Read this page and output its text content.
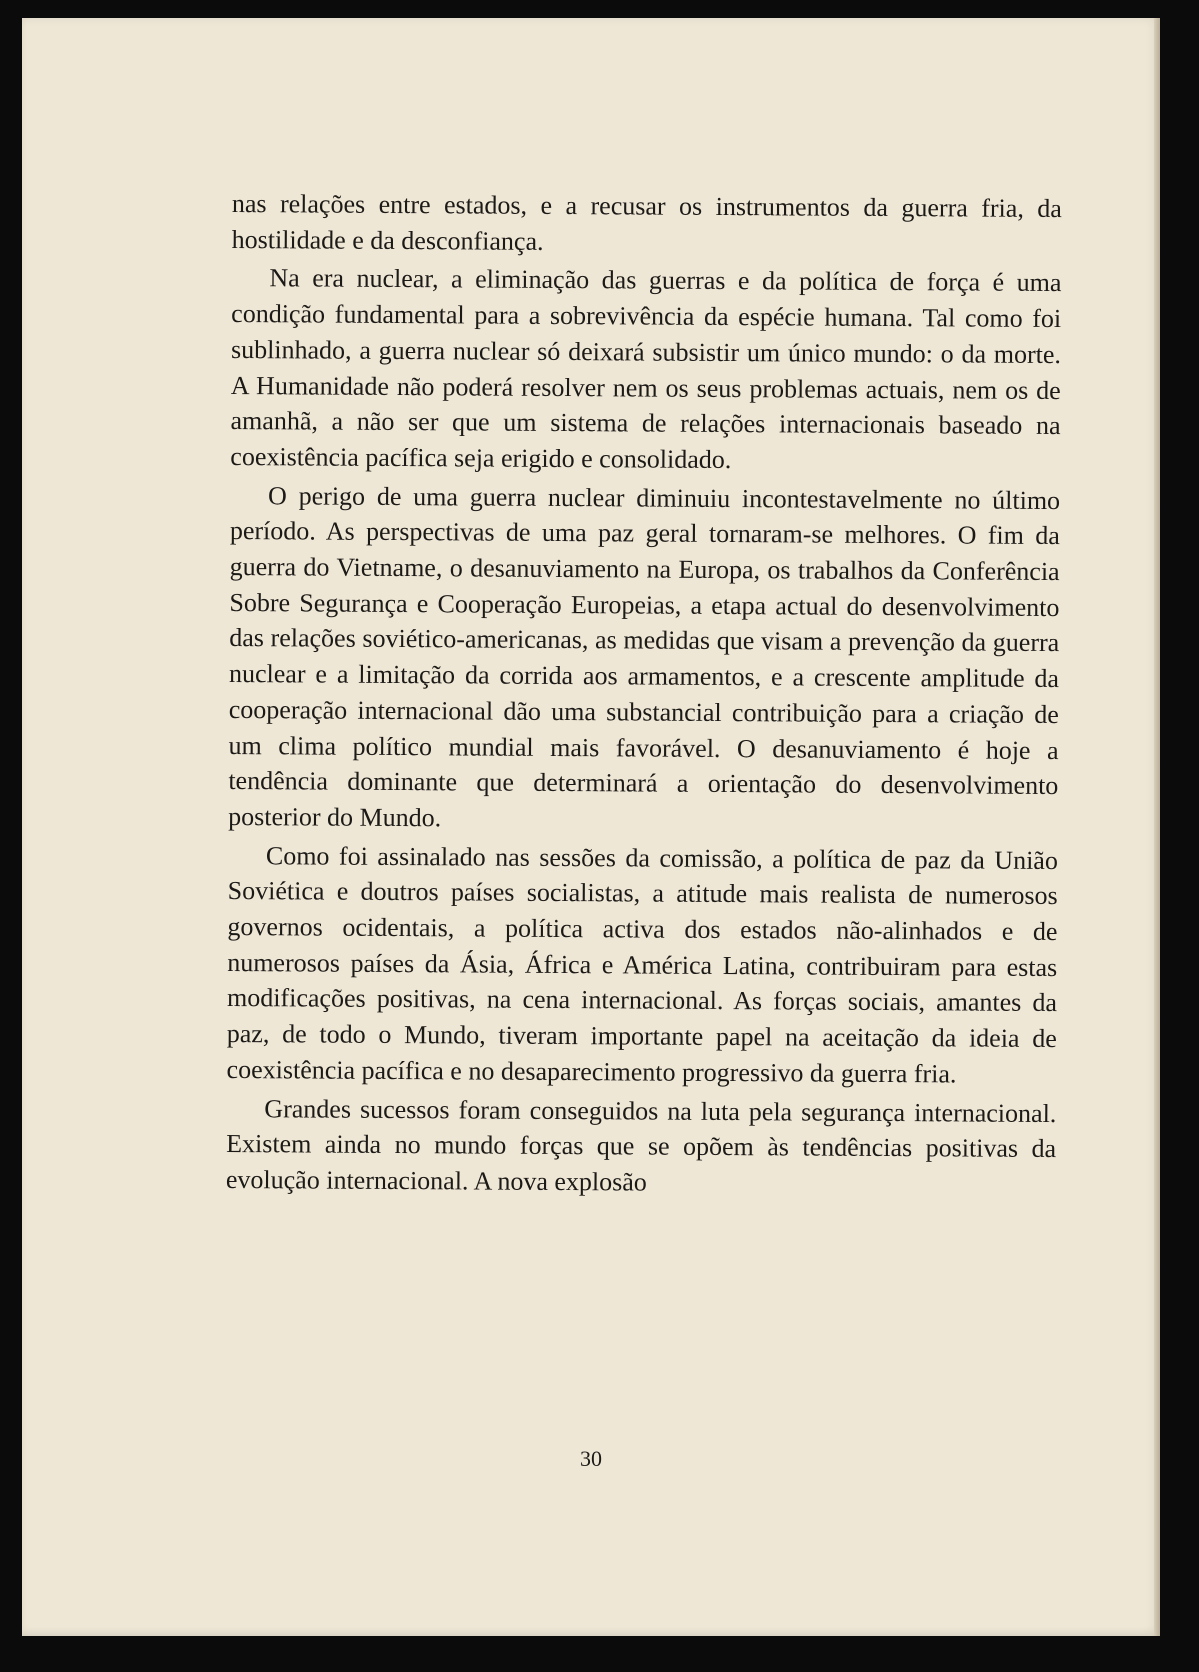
nas relações entre estados, e a recusar os instrumentos da guerra fria, da hostilidade e da desconfiança.

Na era nuclear, a eliminação das guerras e da política de força é uma condição fundamental para a sobrevivência da espécie humana. Tal como foi sublinhado, a guerra nuclear só deixará subsistir um único mundo: o da morte. A Humanidade não poderá resolver nem os seus problemas actuais, nem os de amanhã, a não ser que um sistema de relações internacionais baseado na coexistência pacífica seja erigido e consolidado.

O perigo de uma guerra nuclear diminuiu incontestavelmente no último período. As perspectivas de uma paz geral tornaram-se melhores. O fim da guerra do Vietname, o desanuviamento na Europa, os trabalhos da Conferência Sobre Segurança e Cooperação Europeias, a etapa actual do desenvolvimento das relações soviético-americanas, as medidas que visam a prevenção da guerra nuclear e a limitação da corrida aos armamentos, e a crescente amplitude da cooperação internacional dão uma substancial contribuição para a criação de um clima político mundial mais favorável. O desanuviamento é hoje a tendência dominante que determinará a orientação do desenvolvimento posterior do Mundo.

Como foi assinalado nas sessões da comissão, a política de paz da União Soviética e doutros países socialistas, a atitude mais realista de numerosos governos ocidentais, a política activa dos estados não-alinhados e de numerosos países da Ásia, África e América Latina, contribuiram para estas modificações positivas, na cena internacional. As forças sociais, amantes da paz, de todo o Mundo, tiveram importante papel na aceitação da ideia de coexistência pacífica e no desaparecimento progressivo da guerra fria.

Grandes sucessos foram conseguidos na luta pela segurança internacional. Existem ainda no mundo forças que se opõem às tendências positivas da evolução internacional. A nova explosão

30
